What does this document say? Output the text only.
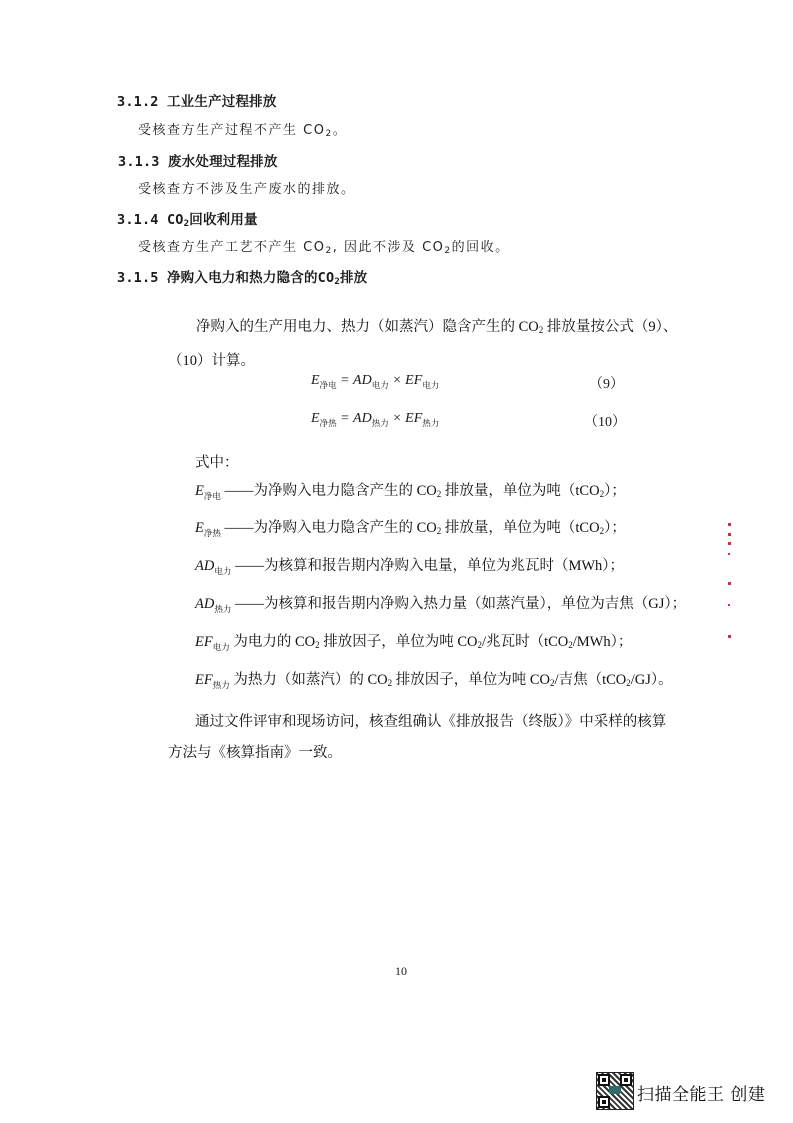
3.1.2 工业生产过程排放
受核查方生产过程不产生 $CO_2$。
3.1.3 废水处理过程排放
受核查方不涉及生产废水的排放。
3.1.4 $CO_2$回收利用量
受核查方生产工艺不产生 $CO_2$, 因此不涉及 $CO_2$的回收。
3.1.5 净购入电力和热力隐含的$CO_2$排放
净购入的生产用电力、热力（如蒸汽）隐含产生的 $CO_2$ 排放量按公式（9）、
（10）计算。
$E_{净电} = AD_{电力} \times EF_{电力}$	（9）
$E_{净热} = AD_{热力} \times EF_{热力}$	（10）
式中：
$E_{净电}$ ——为净购入电力隐含产生的 $CO_2$ 排放量，单位为吨（tCO$_2$）；
$E_{净热}$ ——为净购入电力隐含产生的 $CO_2$ 排放量，单位为吨（tCO$_2$）；
$AD_{电力}$ ——为核算和报告期内净购入电量，单位为兆瓦时（MWh）；
$AD_{热力}$ ——为核算和报告期内净购入热力量（如蒸汽量），单位为吉焦（GJ）；
$EF_{电力}$ 为电力的 $CO_2$ 排放因子，单位为吨 $CO_2/$兆瓦时（tCO$_2$/MWh）；
$EF_{热力}$ 为热力（如蒸汽）的 $CO_2$ 排放因子，单位为吨 $CO_2/$吉焦（tCO$_2$/GJ）。
通过文件评审和现场访问，核查组确认《排放报告（终版）》中采样的核算
方法与《核算指南》一致。
10
扫描全能王 创建
